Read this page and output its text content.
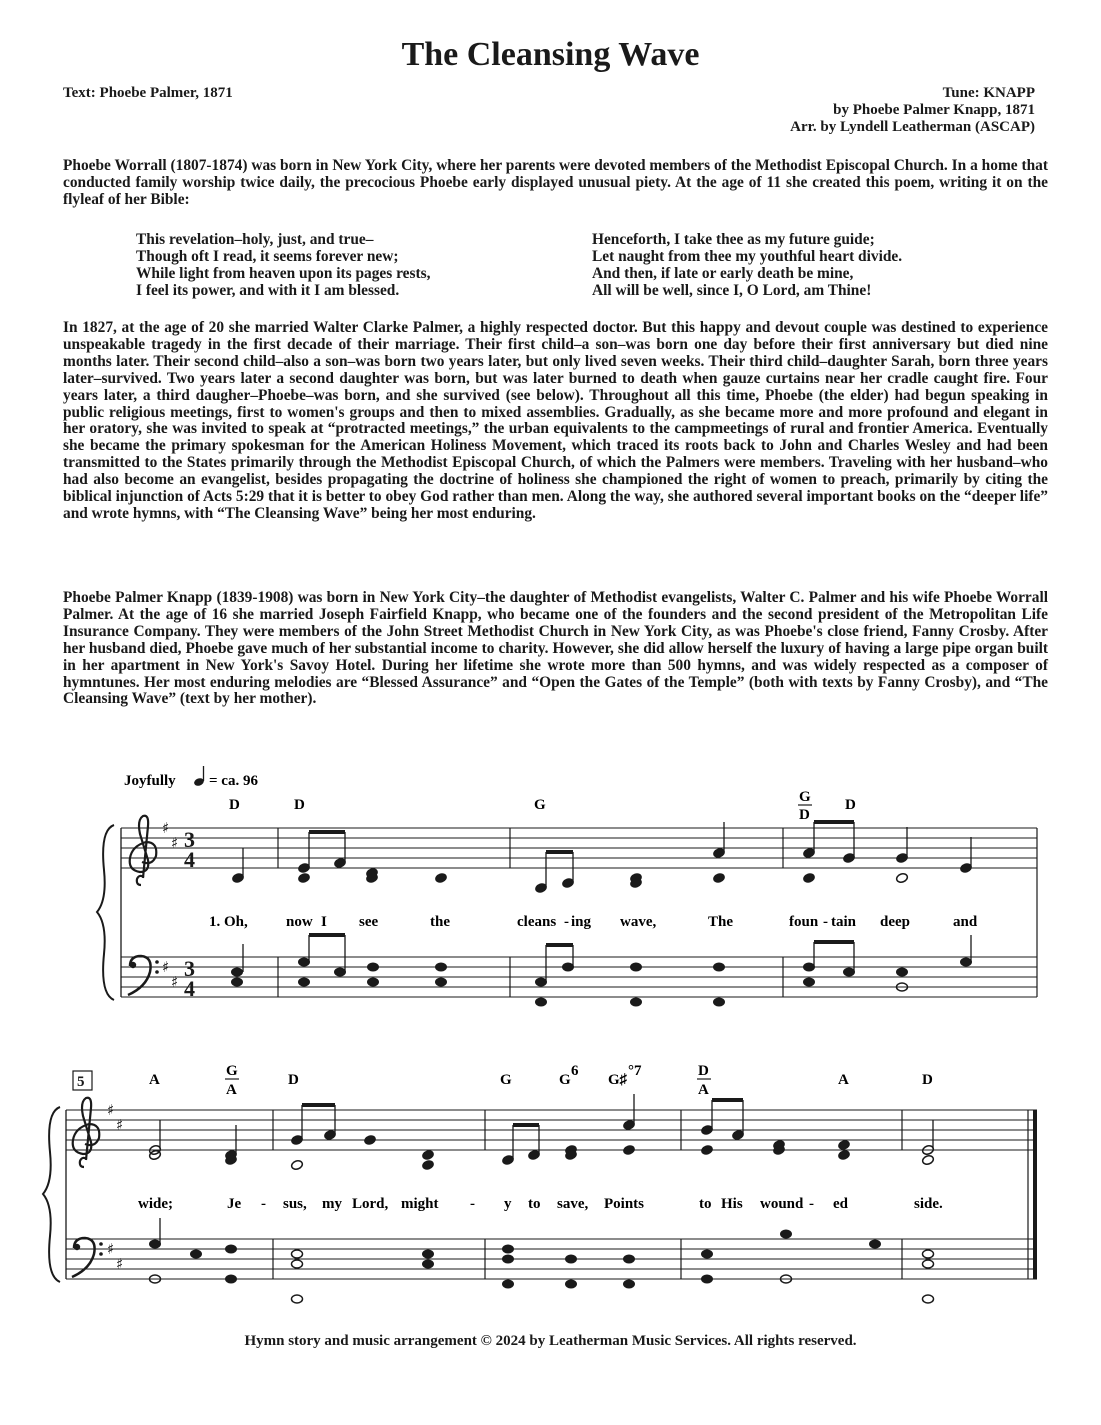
The Cleansing Wave
Text: Phoebe Palmer, 1871	Tune: KNAPP
by Phoebe Palmer Knapp, 1871
Arr. by Lyndell Leatherman (ASCAP)

Phoebe Worrall (1807-1874) was born in New York City, where her parents were devoted members of the Methodist Episcopal Church. In a home that conducted family worship twice daily, the precocious Phoebe early displayed unusual piety. At the age of 11 she created this poem, writing it on the flyleaf of her Bible:

This revelation–holy, just, and true–
Though oft I read, it seems forever new;
While light from heaven upon its pages rests,
I feel its power, and with it I am blessed.
Henceforth, I take thee as my future guide;
Let naught from thee my youthful heart divide.
And then, if late or early death be mine,
All will be well, since I, O Lord, am Thine!

In 1827, at the age of 20 she married Walter Clarke Palmer, a highly respected doctor. But this happy and devout couple was destined to experience unspeakable tragedy in the first decade of their marriage. Their first child–a son–was born one day before their first anniversary but died nine months later. Their second child–also a son–was born two years later, but only lived seven weeks. Their third child–daughter Sarah, born three years later–survived. Two years later a second daughter was born, but was later burned to death when gauze curtains near her cradle caught fire. Four years later, a third daugher–Phoebe–was born, and she survived (see below). Throughout all this time, Phoebe (the elder) had begun speaking in public religious meetings, first to women's groups and then to mixed assemblies. Gradually, as she became more and more profound and elegant in her oratory, she was invited to speak at “protracted meetings,” the urban equivalents to the campmeetings of rural and frontier America. Eventually she became the primary spokesman for the American Holiness Movement, which traced its roots back to John and Charles Wesley and had been transmitted to the States primarily through the Methodist Episcopal Church, of which the Palmers were members. Traveling with her husband–who had also become an evangelist, besides propagating the doctrine of holiness she championed the right of women to preach, primarily by citing the biblical injunction of Acts 5:29 that it is better to obey God rather than men. Along the way, she authored several important books on the “deeper life” and wrote hymns, with “The Cleansing Wave” being her most enduring.

Phoebe Palmer Knapp (1839-1908) was born in New York City–the daughter of Methodist evangelists, Walter C. Palmer and his wife Phoebe Worrall Palmer. At the age of 16 she married Joseph Fairfield Knapp, who became one of the founders and the second president of the Metropolitan Life Insurance Company. They were members of the John Street Methodist Church in New York City, as was Phoebe's close friend, Fanny Crosby. After her husband died, Phoebe gave much of her substantial income to charity. However, she did allow herself the luxury of having a large pipe organ built in her apartment in New York's Savoy Hotel. During her lifetime she wrote more than 500 hymns, and was widely respected as a composer of hymntunes. Her most enduring melodies are “Blessed Assurance” and “Open the Gates of the Temple” (both with texts by Fanny Crosby), and “The Cleansing Wave” (text by her mother).

Joyfully = ca. 96
D	D	G	G
D
D
♯
♯
♯
♯
3
4
3
4
1. Oh,	now I see	the	cleans - ing wave,	The	foun - tain deep	and
5	A
G
A
D	G	G
6
G♯
°7	D
A
A	D
♯
♯
♯
♯
wide;	Je - sus, my Lord, might - y to save, Points	to His wound - ed	side.
Hymn story and music arrangement © 2024 by Leatherman Music Services. All rights reserved.
